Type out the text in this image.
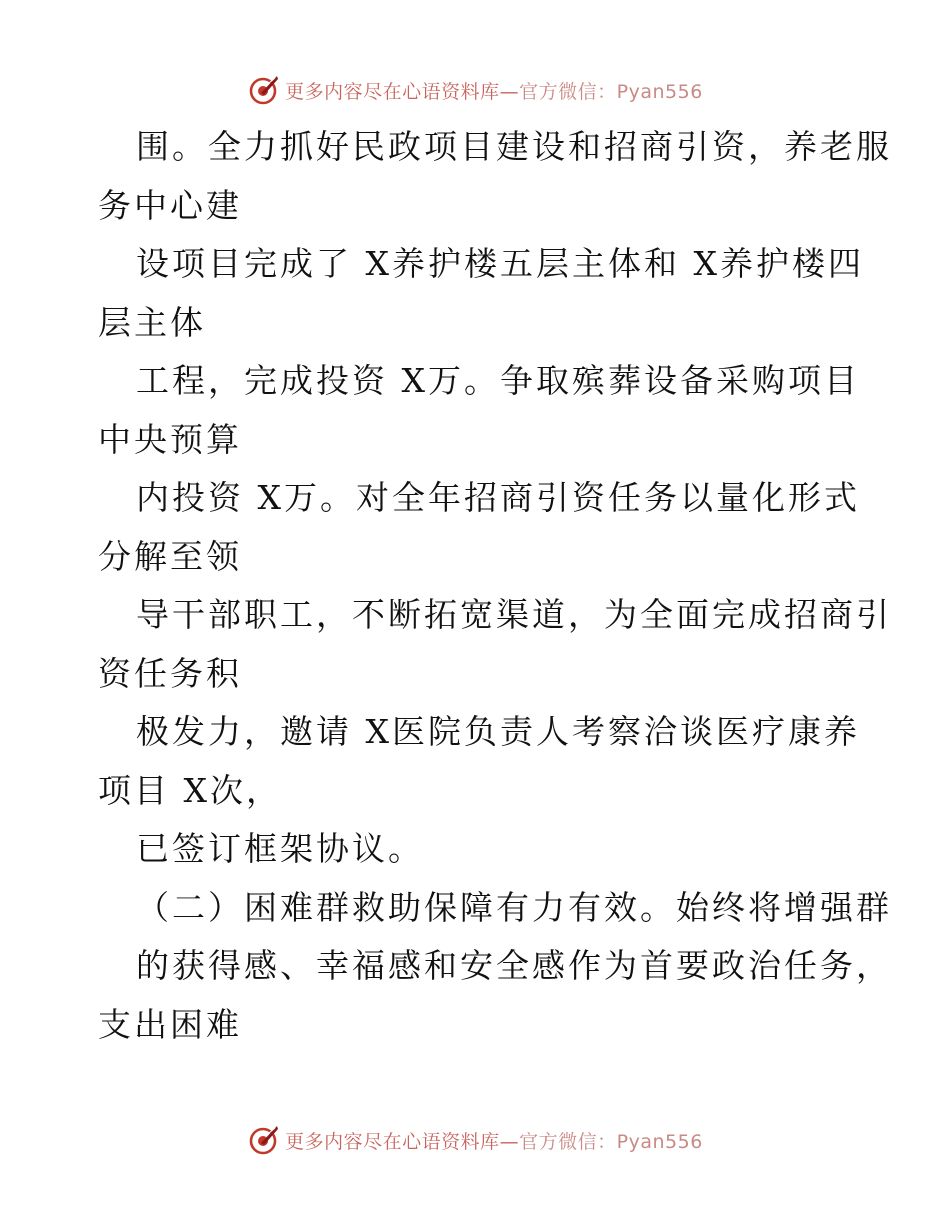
更多内容尽在心语资料库—官方微信：Pyan556
围。全力抓好民政项目建设和招商引资，养老服
务中心建
设项目完成了 X养护楼五层主体和 X养护楼四
层主体
工程，完成投资 X万。争取殡葬设备采购项目
中央预算
内投资 X万。对全年招商引资任务以量化形式
分解至领
导干部职工，不断拓宽渠道，为全面完成招商引
资任务积
极发力，邀请 X医院负责人考察洽谈医疗康养
项目 X次，
已签订框架协议。
（二）困难群救助保障有力有效。始终将增强群
的获得感、幸福感和安全感作为首要政治任务，
支出困难
更多内容尽在心语资料库—官方微信：Pyan556
